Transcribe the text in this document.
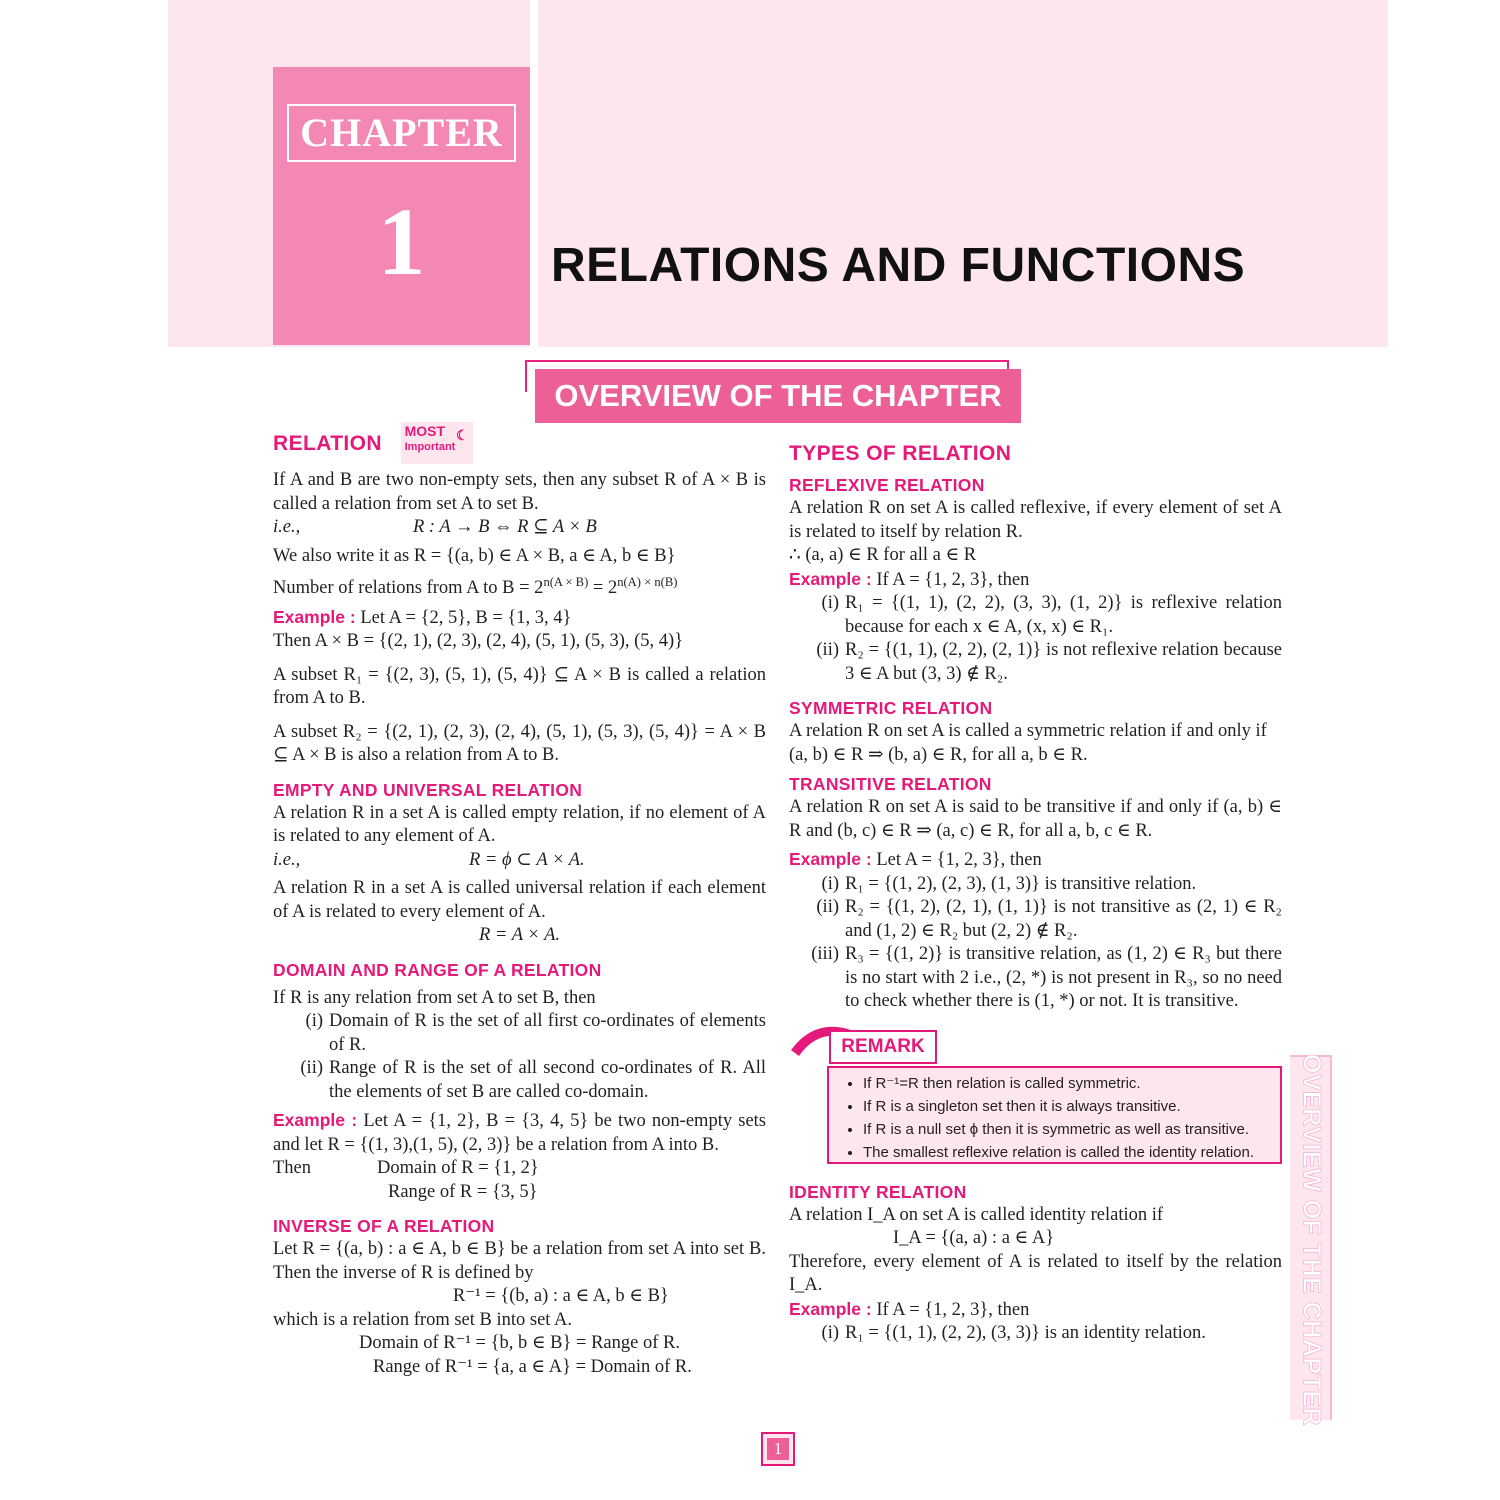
CHAPTER
1	RELATIONS AND FUNCTIONS
OVERVIEW OF THE CHAPTER
RELATION
MOST
Important
☾

If A and B are two non-empty sets, then any subset R of A × B is called a relation from set A to set B.

i.e.,	R : A → B ⇔ R ⊆ A × B

We also write it as R = {(a, b) ∈ A × B, a ∈ A, b ∈ B}

Number of relations from A to $B = 2^{n(A \times B)} = 2^{n(A) \times n(B)}$

Example : Let A = {2, 5}, B = {1, 3, 4}

Then A × B = {(2, 1), (2, 3), (2, 4), (5, 1), (5, 3), (5, 4)}

A subset R₁ = {(2, 3), (5, 1), (5, 4)} ⊆ A × B is called a relation from A to B.

A subset R₂ = {(2, 1), (2, 3), (2, 4), (5, 1), (5, 3), (5, 4)} = A × B ⊆ A × B is also a relation from A to B.

EMPTY AND UNIVERSAL RELATION

A relation R in a set A is called empty relation, if no element of A is related to any element of A.

i.e.,	R = ϕ ⊂ A × A.

A relation R in a set A is called universal relation if each element of A is related to every element of A.

R = A × A.

DOMAIN AND RANGE OF A RELATION

If R is any relation from set A to set B, then

(i) Domain of R is the set of all first co-ordinates of elements of R.
(ii) Range of R is the set of all second co-ordinates of R. All the elements of set B are called co-domain.

Example : Let A = {1, 2}, B = {3, 4, 5} be two non-empty sets and let R = {(1, 3),(1, 5), (2, 3)} be a relation from A into B.

Then	Domain of R = {1, 2}
Range of R = {3, 5}
INVERSE OF A RELATION

Let R = {(a, b) : a ∈ A, b ∈ B} be a relation from set A into set B. Then the inverse of R is defined by

R⁻¹ = {(b, a) : a ∈ A, b ∈ B}

which is a relation from set B into set A.

Domain of R⁻¹ = {b, b ∈ B} = Range of R.

Range of R⁻¹ = {a, a ∈ A} = Domain of R.

TYPES OF RELATION
REFLEXIVE RELATION

A relation R on set A is called reflexive, if every element of set A is related to itself by relation R.

∴ (a, a) ∈ R for all a ∈ R

Example : If A = {1, 2, 3}, then

(i) R₁ = {(1, 1), (2, 2), (3, 3), (1, 2)} is reflexive relation because for each x ∈ A, (x, x) ∈ R₁.
(ii) R₂ = {(1, 1), (2, 2), (2, 1)} is not reflexive relation because 3 ∈ A but (3, 3) ∉ R₂.
SYMMETRIC RELATION

A relation R on set A is called a symmetric relation if and only if

(a, b) ∈ R ⇒ (b, a) ∈ R, for all a, b ∈ R.

TRANSITIVE RELATION

A relation R on set A is said to be transitive if and only if (a, b) ∈ R and (b, c) ∈ R ⇒ (a, c) ∈ R, for all a, b, c ∈ R.

Example : Let A = {1, 2, 3}, then

(i) R₁ = {(1, 2), (2, 3), (1, 3)} is transitive relation.
(ii) R₂ = {(1, 2), (2, 1), (1, 1)} is not transitive as (2, 1) ∈ R₂ and (1, 2) ∈ R₂ but (2, 2) ∉ R₂.
(iii) R₃ = {(1, 2)} is transitive relation, as (1, 2) ∈ R₃ but there is no start with 2 i.e., (2, *) is not present in R₃, so no need to check whether there is (1, *) or not. It is transitive.
REMARK
• If R⁻¹=R then relation is called symmetric.
• If R is a singleton set then it is always transitive.
• If R is a null set ϕ then it is symmetric as well as transitive.
• The smallest reflexive relation is called the identity relation.
IDENTITY RELATION

A relation I_A on set A is called identity relation if

I_A = {(a, a) : a ∈ A}

Therefore, every element of A is related to itself by the relation I_A.

Example : If A = {1, 2, 3}, then

(i) R₁ = {(1, 1), (2, 2), (3, 3)} is an identity relation.	OVERVIEW OF THE CHAPTER
1
